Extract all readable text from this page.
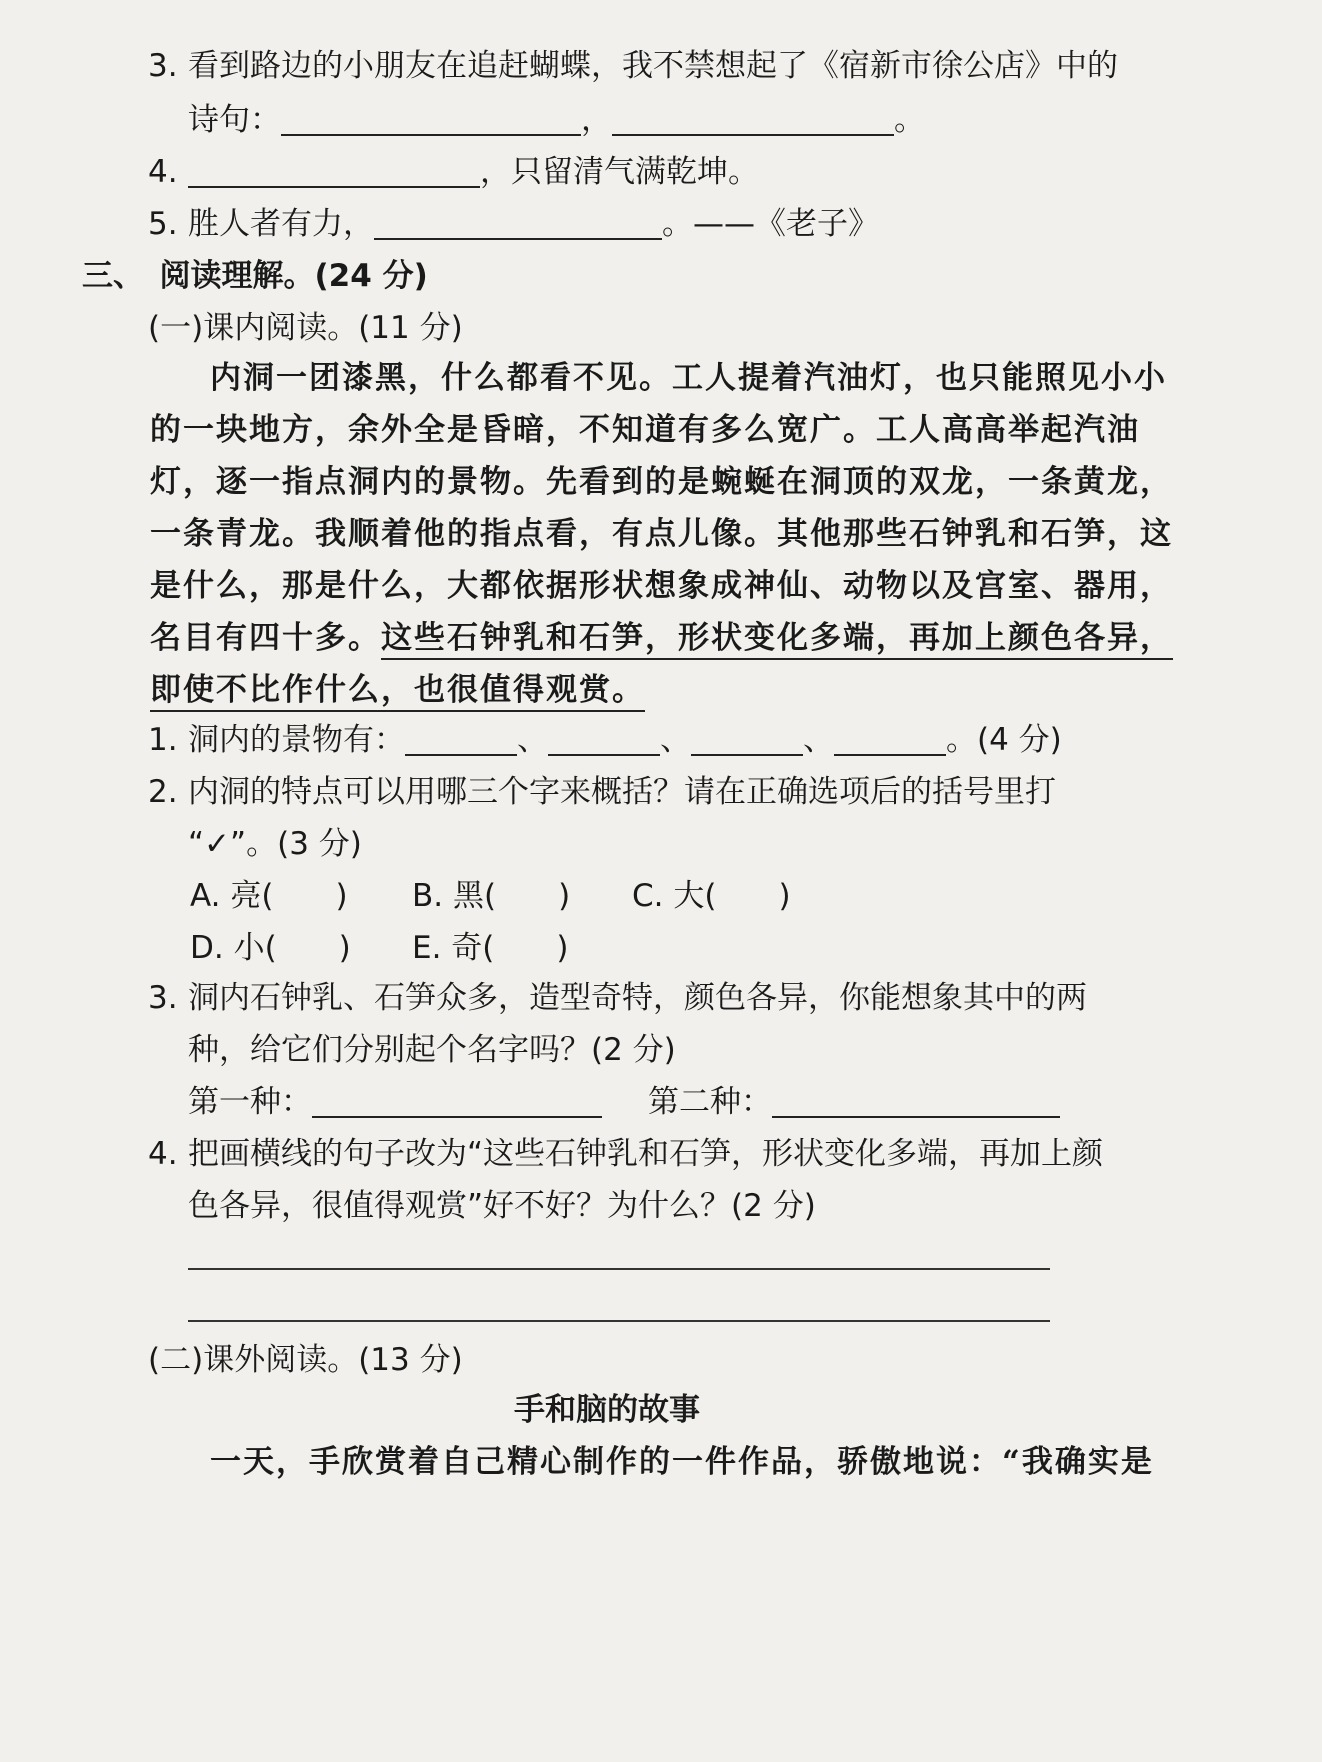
3. 看到路边的小朋友在追赶蝴蝶，我不禁想起了《宿新市徐公店》中的
诗句：	，	。
4.	，只留清气满乾坤。
5. 胜人者有力，	。——《老子》
三、　阅读理解。(24 分)
(一)课内阅读。(11 分)
内洞一团漆黑，什么都看不见。工人提着汽油灯，也只能照见小小
的一块地方，余外全是昏暗，不知道有多么宽广。工人高高举起汽油
灯，逐一指点洞内的景物。先看到的是蜿蜒在洞顶的双龙，一条黄龙，
一条青龙。我顺着他的指点看，有点儿像。其他那些石钟乳和石笋，这
是什么，那是什么，大都依据形状想象成神仙、动物以及宫室、器用，
名目有四十多。这些石钟乳和石笋，形状变化多端，再加上颜色各异，
即使不比作什么，也很值得观赏。
1. 洞内的景物有：	、	、	、	。(4 分)
2. 内洞的特点可以用哪三个字来概括？请在正确选项后的括号里打
“✓”。(3 分)
A. 亮(　　) B. 黑(　　) C. 大(　　)
D. 小(　　) E. 奇(　　)
3. 洞内石钟乳、石笋众多，造型奇特，颜色各异，你能想象其中的两
种，给它们分别起个名字吗？(2 分)
第一种：	第二种：
4. 把画横线的句子改为“这些石钟乳和石笋，形状变化多端，再加上颜
色各异，很值得观赏”好不好？为什么？(2 分)
(二)课外阅读。(13 分)
手和脑的故事
一天，手欣赏着自己精心制作的一件作品，骄傲地说：“我确实是
